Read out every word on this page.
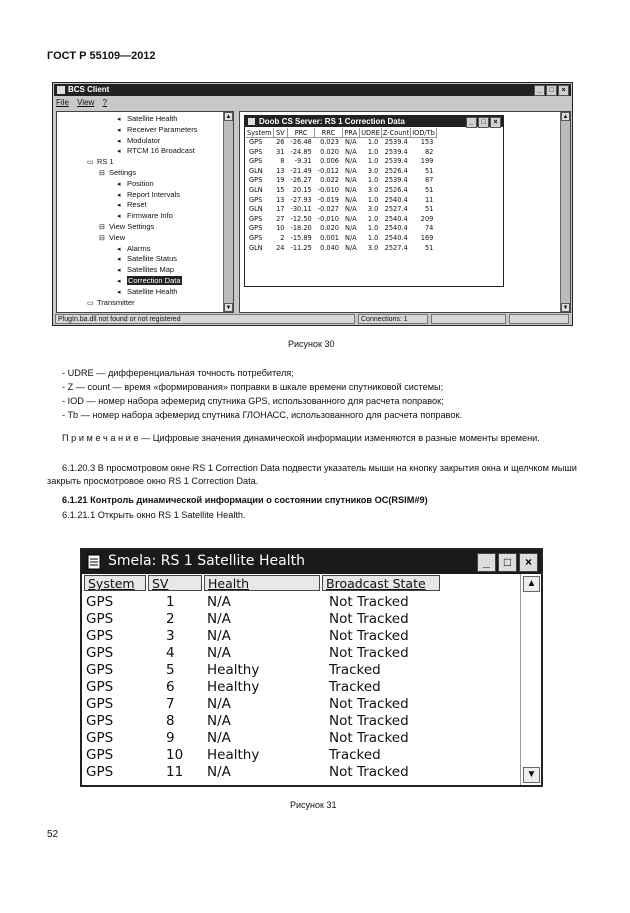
ГОСТ Р 55109—2012
BCS Client	_	□	×
File View ?
▲
▼
◂ Satellite Health
◂ Receiver Parameters
◂ Modulator
◂ RTCM 16 Broadcast
▭ RS 1
⊟ Settings
◂ Position
◂ Report Intervals
◂ Reset
◂ Firmware Info
⊟ View Settings
⊟ View
◂ Alarms
◂ Satellite Status
◂ Satellites Map
◂ Correction Data
◂ Satellite Health
▭ Transmitter
▲
▼
Doob CS Server: RS 1 Correction Data	_	□	×
System	SV	PRC	RRC	PRA	UDRE	Z-Count	IOD/Tb
GPS	26	-26.48	0.023	N/A	1.0	2539.4	153
GPS	31	-24.85	0.020	N/A	1.0	2539.4	82
GPS	8	-9.31	0.006	N/A	1.0	2539.4	199
GLN	13	-21.49	-0.012	N/A	3.0	2526.4	51
GPS	19	-26.27	0.022	N/A	1.0	2539.4	87
GLN	15	20.15	-0.010	N/A	3.0	2526.4	51
GPS	13	-27.93	-0.019	N/A	1.0	2540.4	11
GLN	17	-30.11	-0.027	N/A	3.0	2527.4	51
GPS	27	-12.50	-0.010	N/A	1.0	2540.4	209
GPS	10	-18.20	0.020	N/A	1.0	2540.4	74
GPS	2	-15.89	0.001	N/A	1.0	2540.4	169
GLN	24	-11.25	0.040	N/A	3.0	2527.4	51
PlugIn.ba.dll not found or not registered	Connections: 1
Рисунок 30
- UDRE — дифференциальная точность потребителя;
- Z — count — время «формирования» поправки в шкале времени спутниковой системы;
- IOD — номер набора эфемерид спутника GPS, использованного для расчета поправок;
- Tb — номер набора эфемерид спутника ГЛОНАСС, использованного для расчета поправок.
П р и м е ч а н и е — Цифровые значения динамической информации изменяются в разные моменты времени.
6.1.20.3 В просмотровом окне RS 1 Correction Data подвести указатель мыши на кнопку закрытия окна и щелчком мыши закрыть просмотровое окно RS 1 Correction Data.
6.1.21 Контроль динамической информации о состоянии спутников ОС(RSIM#9)
6.1.21.1 Открыть окно RS 1 Satellite Health.
Smela: RS 1 Satellite Health	_	□	×
System	SV	Health	Broadcast State
GPS	1 N/A	Not Tracked
GPS	2 N/A	Not Tracked
GPS	3 N/A	Not Tracked
GPS	4 N/A	Not Tracked
GPS	5 Healthy	Tracked
GPS	6 Healthy	Tracked
GPS	7 N/A	Not Tracked
GPS	8 N/A	Not Tracked
GPS	9 N/A	Not Tracked
GPS	10 Healthy	Tracked
GPS	11 N/A	Not Tracked
▲
▼
Рисунок 31
52
